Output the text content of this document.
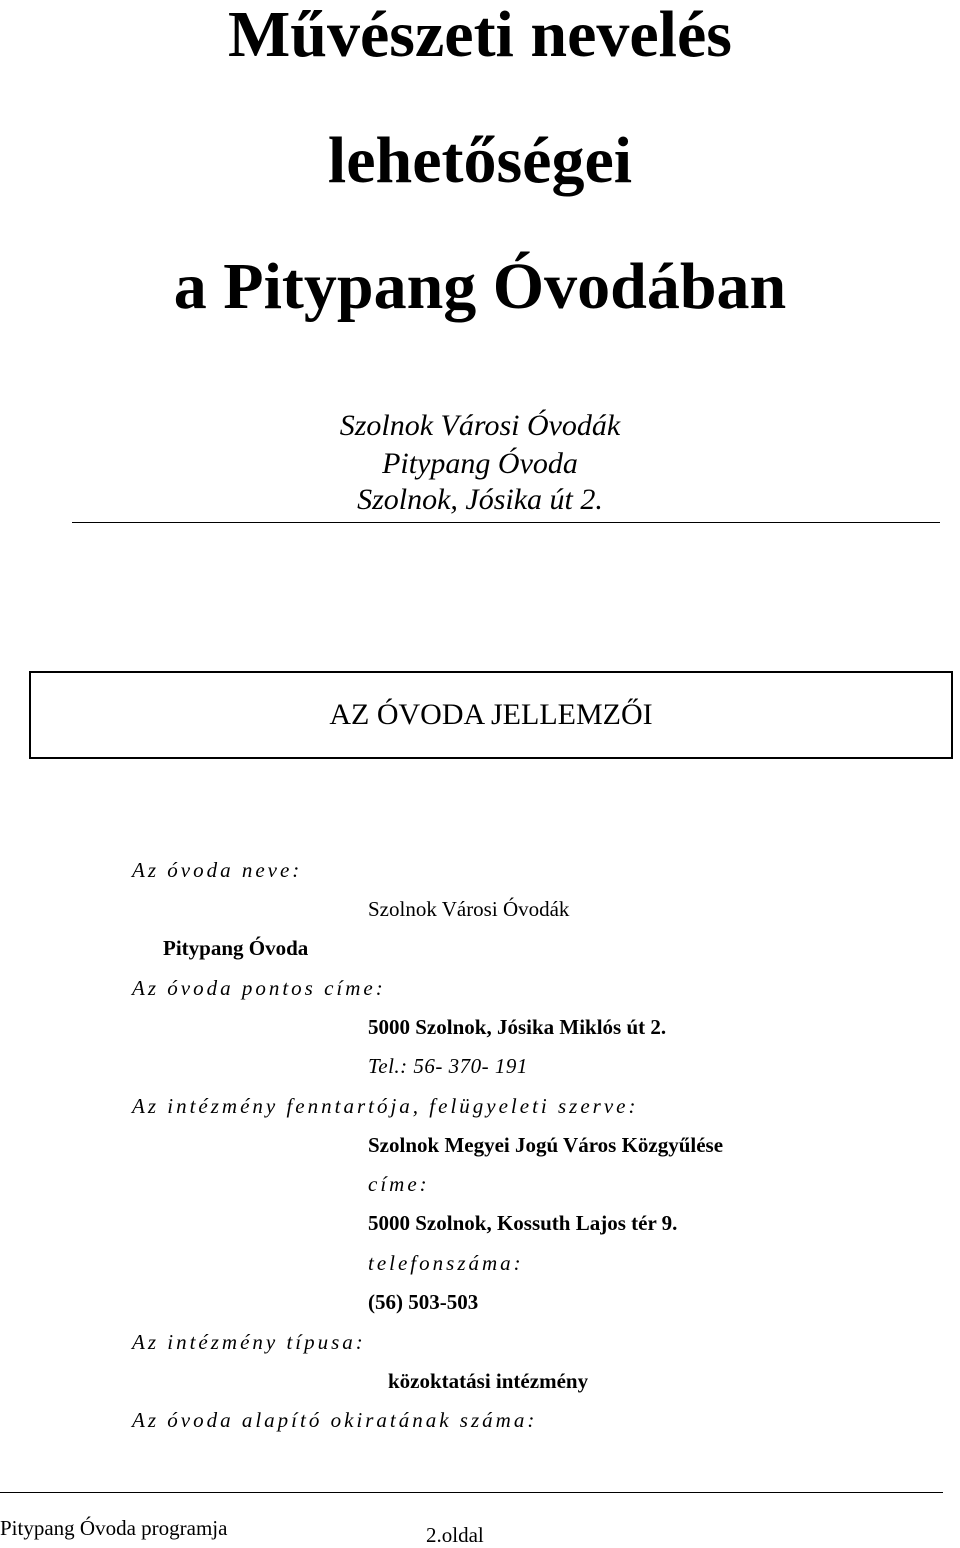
Művészeti nevelés
lehetőségei
a Pitypang Óvodában
Szolnok Városi Óvodák
Pitypang Óvoda
Szolnok, Jósika út 2.
AZ ÓVODA JELLEMZŐI
Az óvoda neve:
Szolnok Városi Óvodák
Pitypang Óvoda
Az óvoda pontos címe:
5000 Szolnok, Jósika Miklós út 2.
Tel.: 56- 370- 191
Az intézmény fenntartója, felügyeleti szerve:
Szolnok Megyei Jogú Város Közgyűlése
címe:
5000 Szolnok, Kossuth Lajos tér 9.
telefonszáma:
(56) 503-503
Az intézmény típusa:
közoktatási intézmény
Az óvoda alapító okiratának száma:
Pitypang Óvoda programja	2.oldal
